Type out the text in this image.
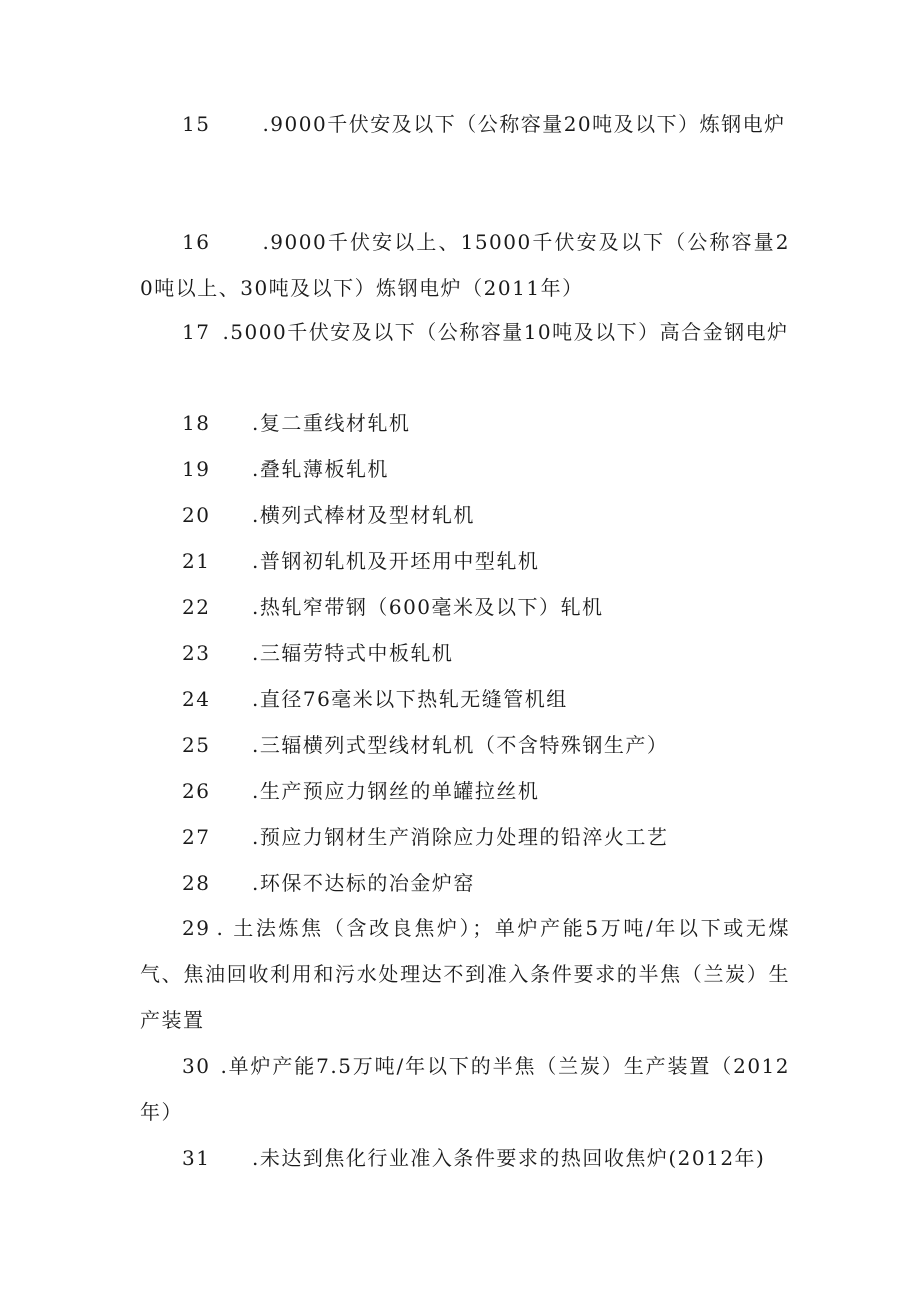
15	.9000千伏安及以下（公称容量20吨及以下）炼钢电炉
16	.9000千伏安以上、15000千伏安及以下（公称容量20吨以上、30吨及以下）炼钢电炉（2011年）
17 .5000千伏安及以下（公称容量10吨及以下）高合金钢电炉
18 .复二重线材轧机
19 .叠轧薄板轧机
20 .横列式棒材及型材轧机
21 .普钢初轧机及开坯用中型轧机
22 .热轧窄带钢（600毫米及以下）轧机
23 .三辐劳特式中板轧机
24 .直径76毫米以下热轧无缝管机组
25 .三辐横列式型线材轧机（不含特殊钢生产）
26 .生产预应力钢丝的单罐拉丝机
27 .预应力钢材生产消除应力处理的铅淬火工艺
28 .环保不达标的冶金炉窑
29 . 土法炼焦（含改良焦炉）；单炉产能5万吨/年以下或无煤气、焦油回收利用和污水处理达不到准入条件要求的半焦（兰炭）生产装置
30 .单炉产能7.5万吨/年以下的半焦（兰炭）生产装置（2012年）
31 .未达到焦化行业准入条件要求的热回收焦炉(2012年)
